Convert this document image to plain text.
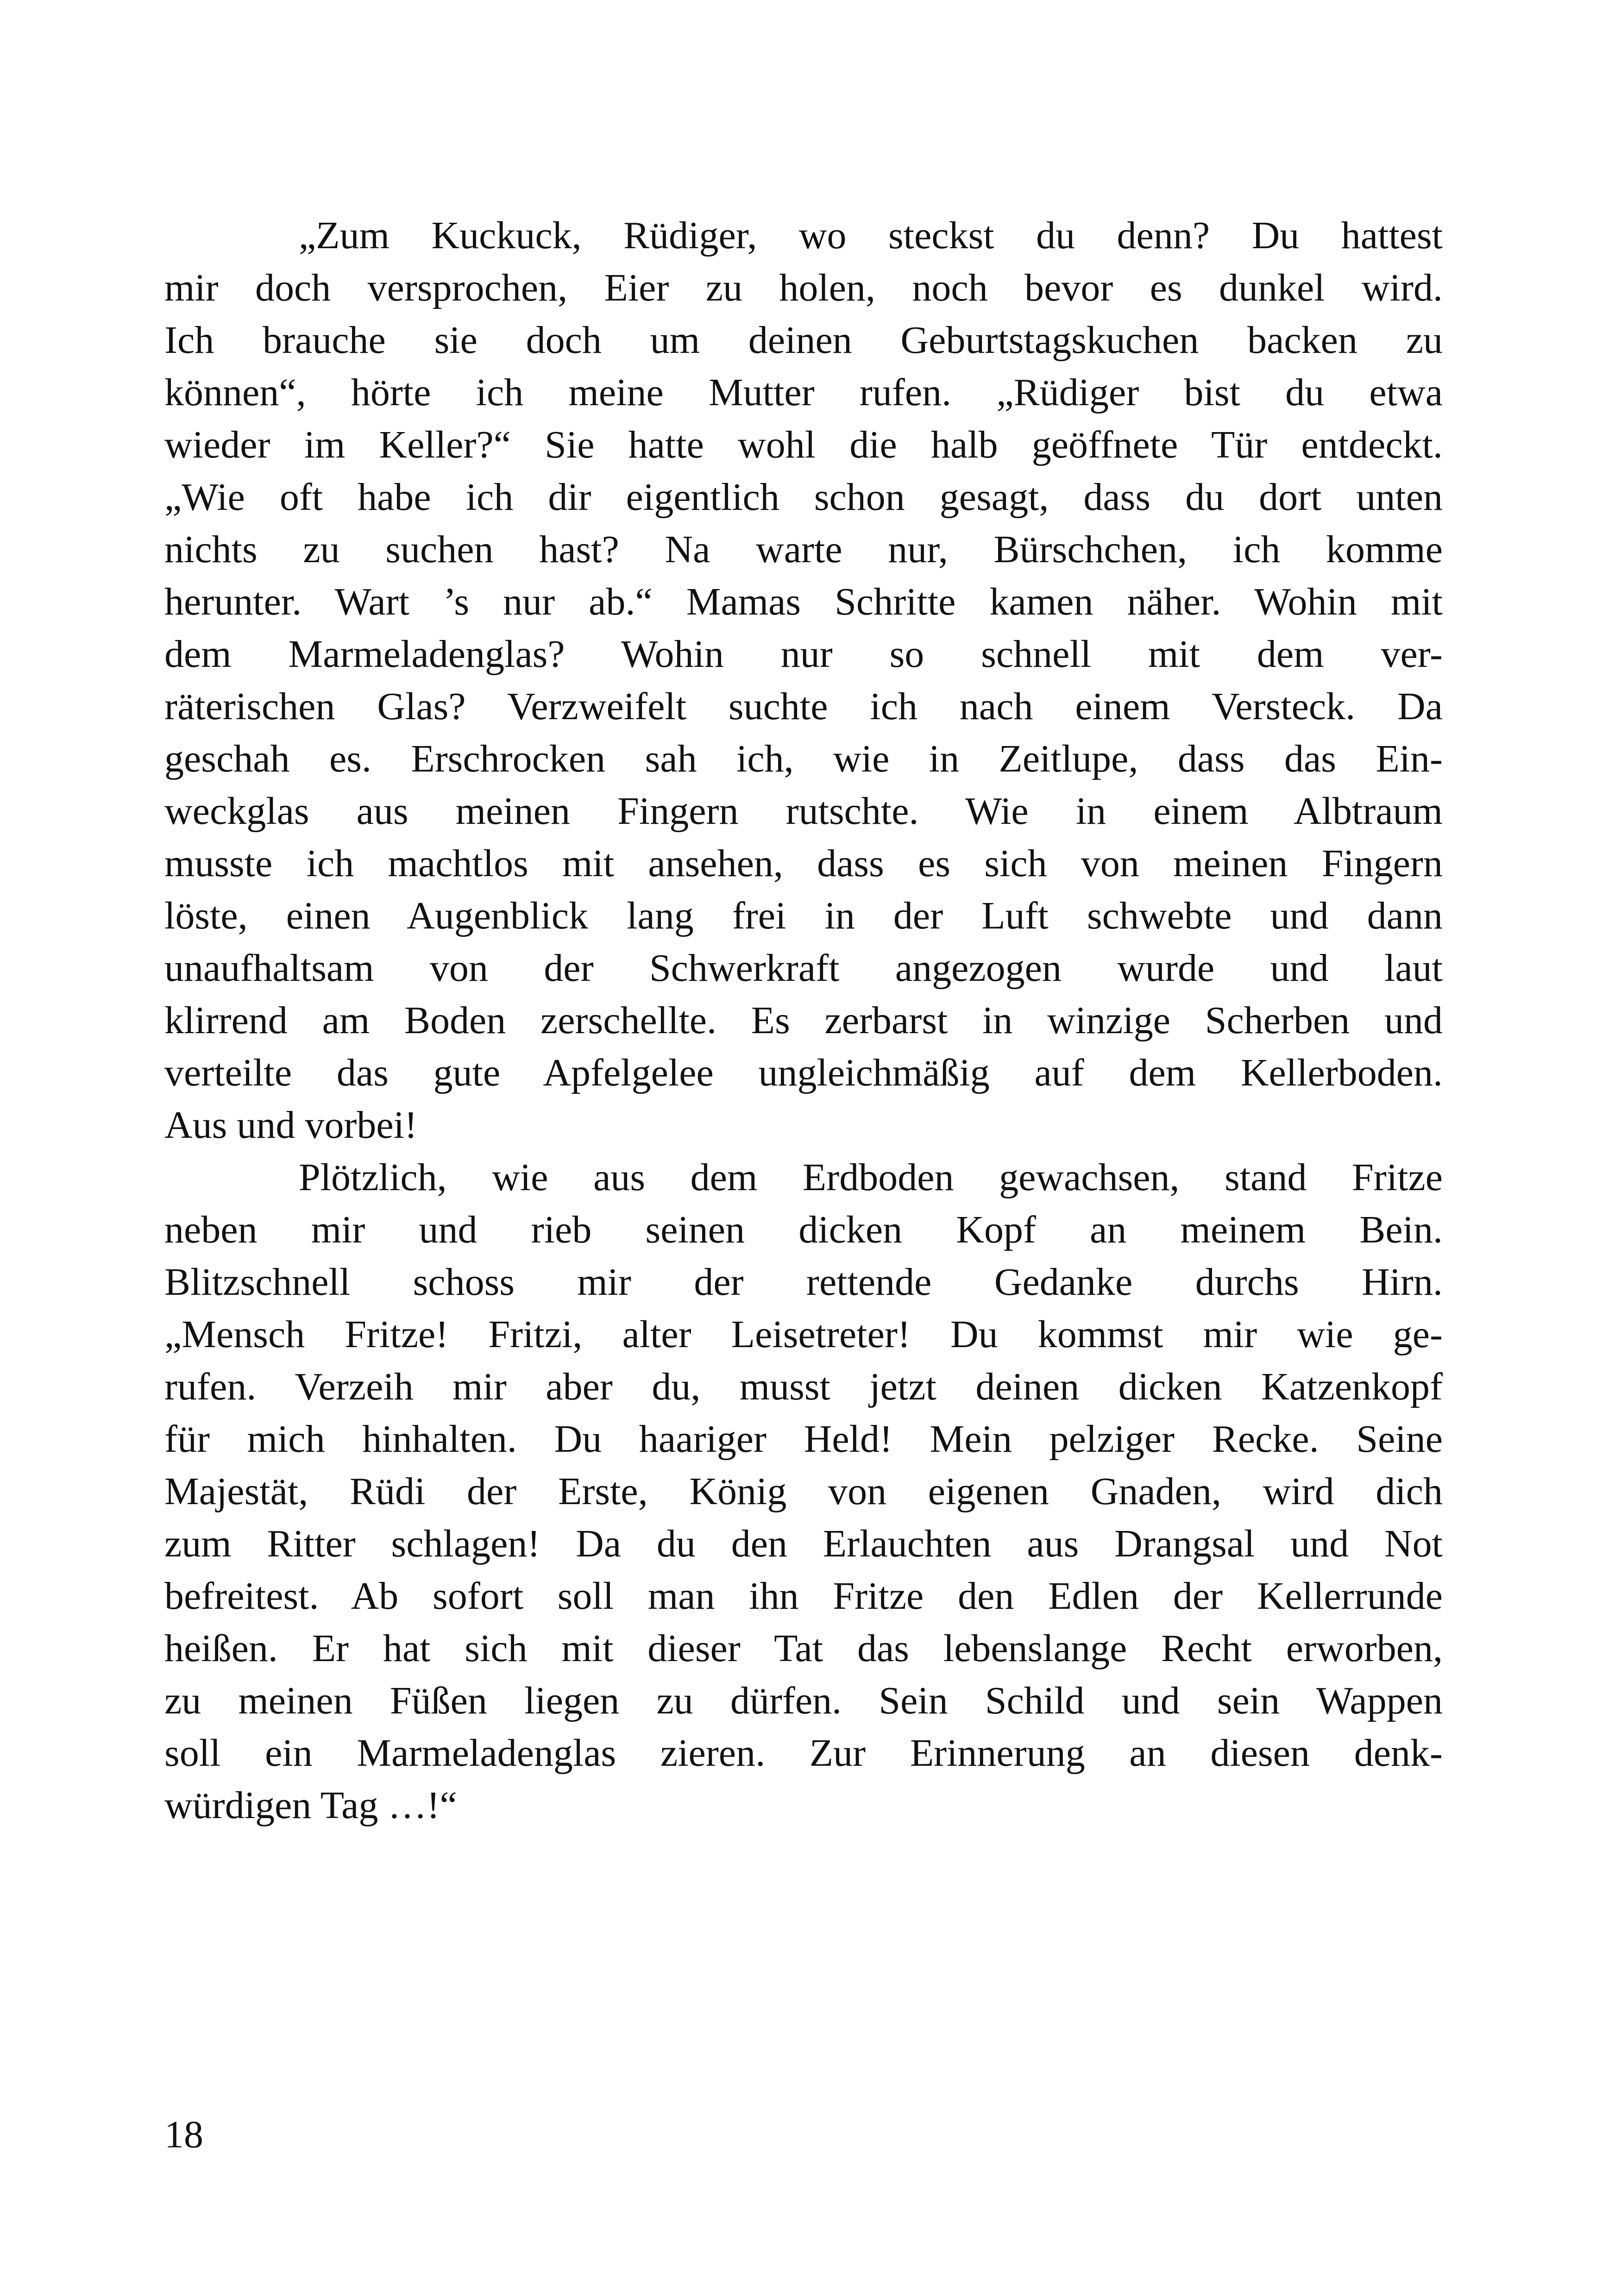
„Zum Kuckuck, Rüdiger, wo steckst du denn? Du hattest
mir doch versprochen, Eier zu holen, noch bevor es dunkel wird.
Ich brauche sie doch um deinen Geburtstagskuchen backen zu
können“, hörte ich meine Mutter rufen. „Rüdiger bist du etwa
wieder im Keller?“ Sie hatte wohl die halb geöffnete Tür entdeckt.
„Wie oft habe ich dir eigentlich schon gesagt, dass du dort unten
nichts zu suchen hast? Na warte nur, Bürschchen, ich komme
herunter. Wart ’s nur ab.“ Mamas Schritte kamen näher. Wohin mit
dem Marmeladenglas? Wohin nur so schnell mit dem ver-
räterischen Glas? Verzweifelt suchte ich nach einem Versteck. Da
geschah es. Erschrocken sah ich, wie in Zeitlupe, dass das Ein-
weckglas aus meinen Fingern rutschte. Wie in einem Albtraum
musste ich machtlos mit ansehen, dass es sich von meinen Fingern
löste, einen Augenblick lang frei in der Luft schwebte und dann
unaufhaltsam von der Schwerkraft angezogen wurde und laut
klirrend am Boden zerschellte. Es zerbarst in winzige Scherben und
verteilte das gute Apfelgelee ungleichmäßig auf dem Kellerboden.
Aus und vorbei!
Plötzlich, wie aus dem Erdboden gewachsen, stand Fritze
neben mir und rieb seinen dicken Kopf an meinem Bein.
Blitzschnell schoss mir der rettende Gedanke durchs Hirn.
„Mensch Fritze! Fritzi, alter Leisetreter! Du kommst mir wie ge-
rufen. Verzeih mir aber du, musst jetzt deinen dicken Katzenkopf
für mich hinhalten. Du haariger Held! Mein pelziger Recke. Seine
Majestät, Rüdi der Erste, König von eigenen Gnaden, wird dich
zum Ritter schlagen! Da du den Erlauchten aus Drangsal und Not
befreitest. Ab sofort soll man ihn Fritze den Edlen der Kellerrunde
heißen. Er hat sich mit dieser Tat das lebenslange Recht erworben,
zu meinen Füßen liegen zu dürfen. Sein Schild und sein Wappen
soll ein Marmeladenglas zieren. Zur Erinnerung an diesen denk-
würdigen Tag …!“
18
